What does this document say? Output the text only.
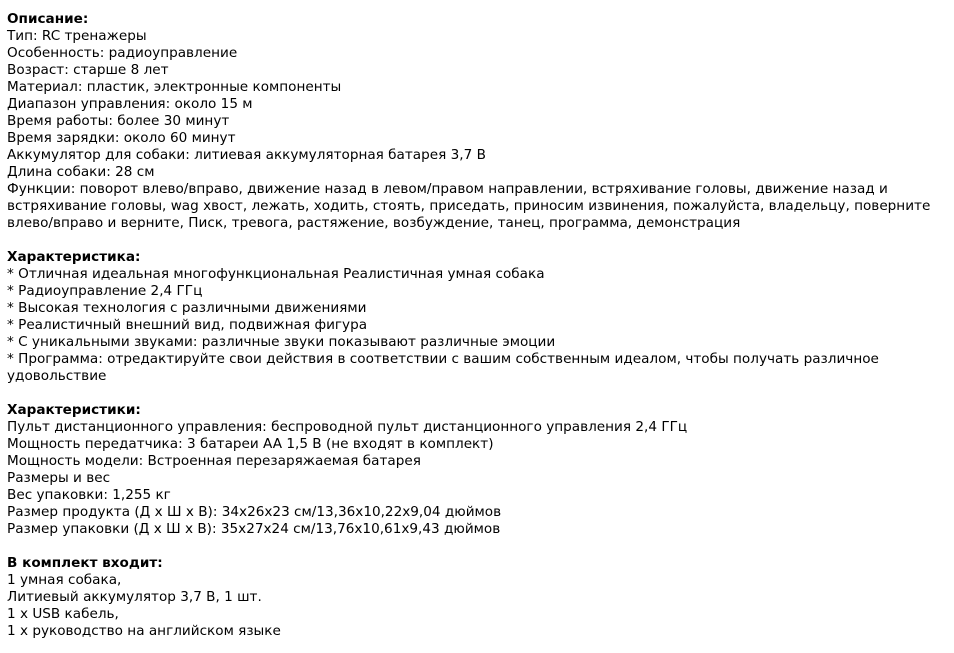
Описание:
Тип: RC тренажеры
Особенность: радиоуправление
Возраст: старше 8 лет
Материал: пластик, электронные компоненты
Диапазон управления: около 15 м
Время работы: более 30 минут
Время зарядки: около 60 минут
Аккумулятор для собаки: литиевая аккумуляторная батарея 3,7 В
Длина собаки: 28 см
Функции: поворот влево/вправо, движение назад в левом/правом направлении, встряхивание головы, движение назад и встряхивание головы, wag хвост, лежать, ходить, стоять, приседать, приносим извинения, пожалуйста, владельцу, поверните влево/вправо и верните, Писк, тревога, растяжение, возбуждение, танец, программа, демонстрация
Характеристика:
* Отличная идеальная многофункциональная Реалистичная умная собака
* Радиоуправление 2,4 ГГц
* Высокая технология с различными движениями
* Реалистичный внешний вид, подвижная фигура
* С уникальными звуками: различные звуки показывают различные эмоции
* Программа: отредактируйте свои действия в соответствии с вашим собственным идеалом, чтобы получать различное удовольствие
Характеристики:
Пульт дистанционного управления: беспроводной пульт дистанционного управления 2,4 ГГц
Мощность передатчика: 3 батареи AA 1,5 В (не входят в комплект)
Мощность модели: Встроенная перезаряжаемая батарея
Размеры и вес
Вес упаковки: 1,255 кг
Размер продукта (Д x Ш x В): 34x26x23 см/13,36x10,22x9,04 дюймов
Размер упаковки (Д x Ш x В): 35x27x24 см/13,76x10,61x9,43 дюймов
В комплект входит:
1 умная собака,
Литиевый аккумулятор 3,7 В, 1 шт.
1 x USB кабель,
1 x руководство на английском языке
